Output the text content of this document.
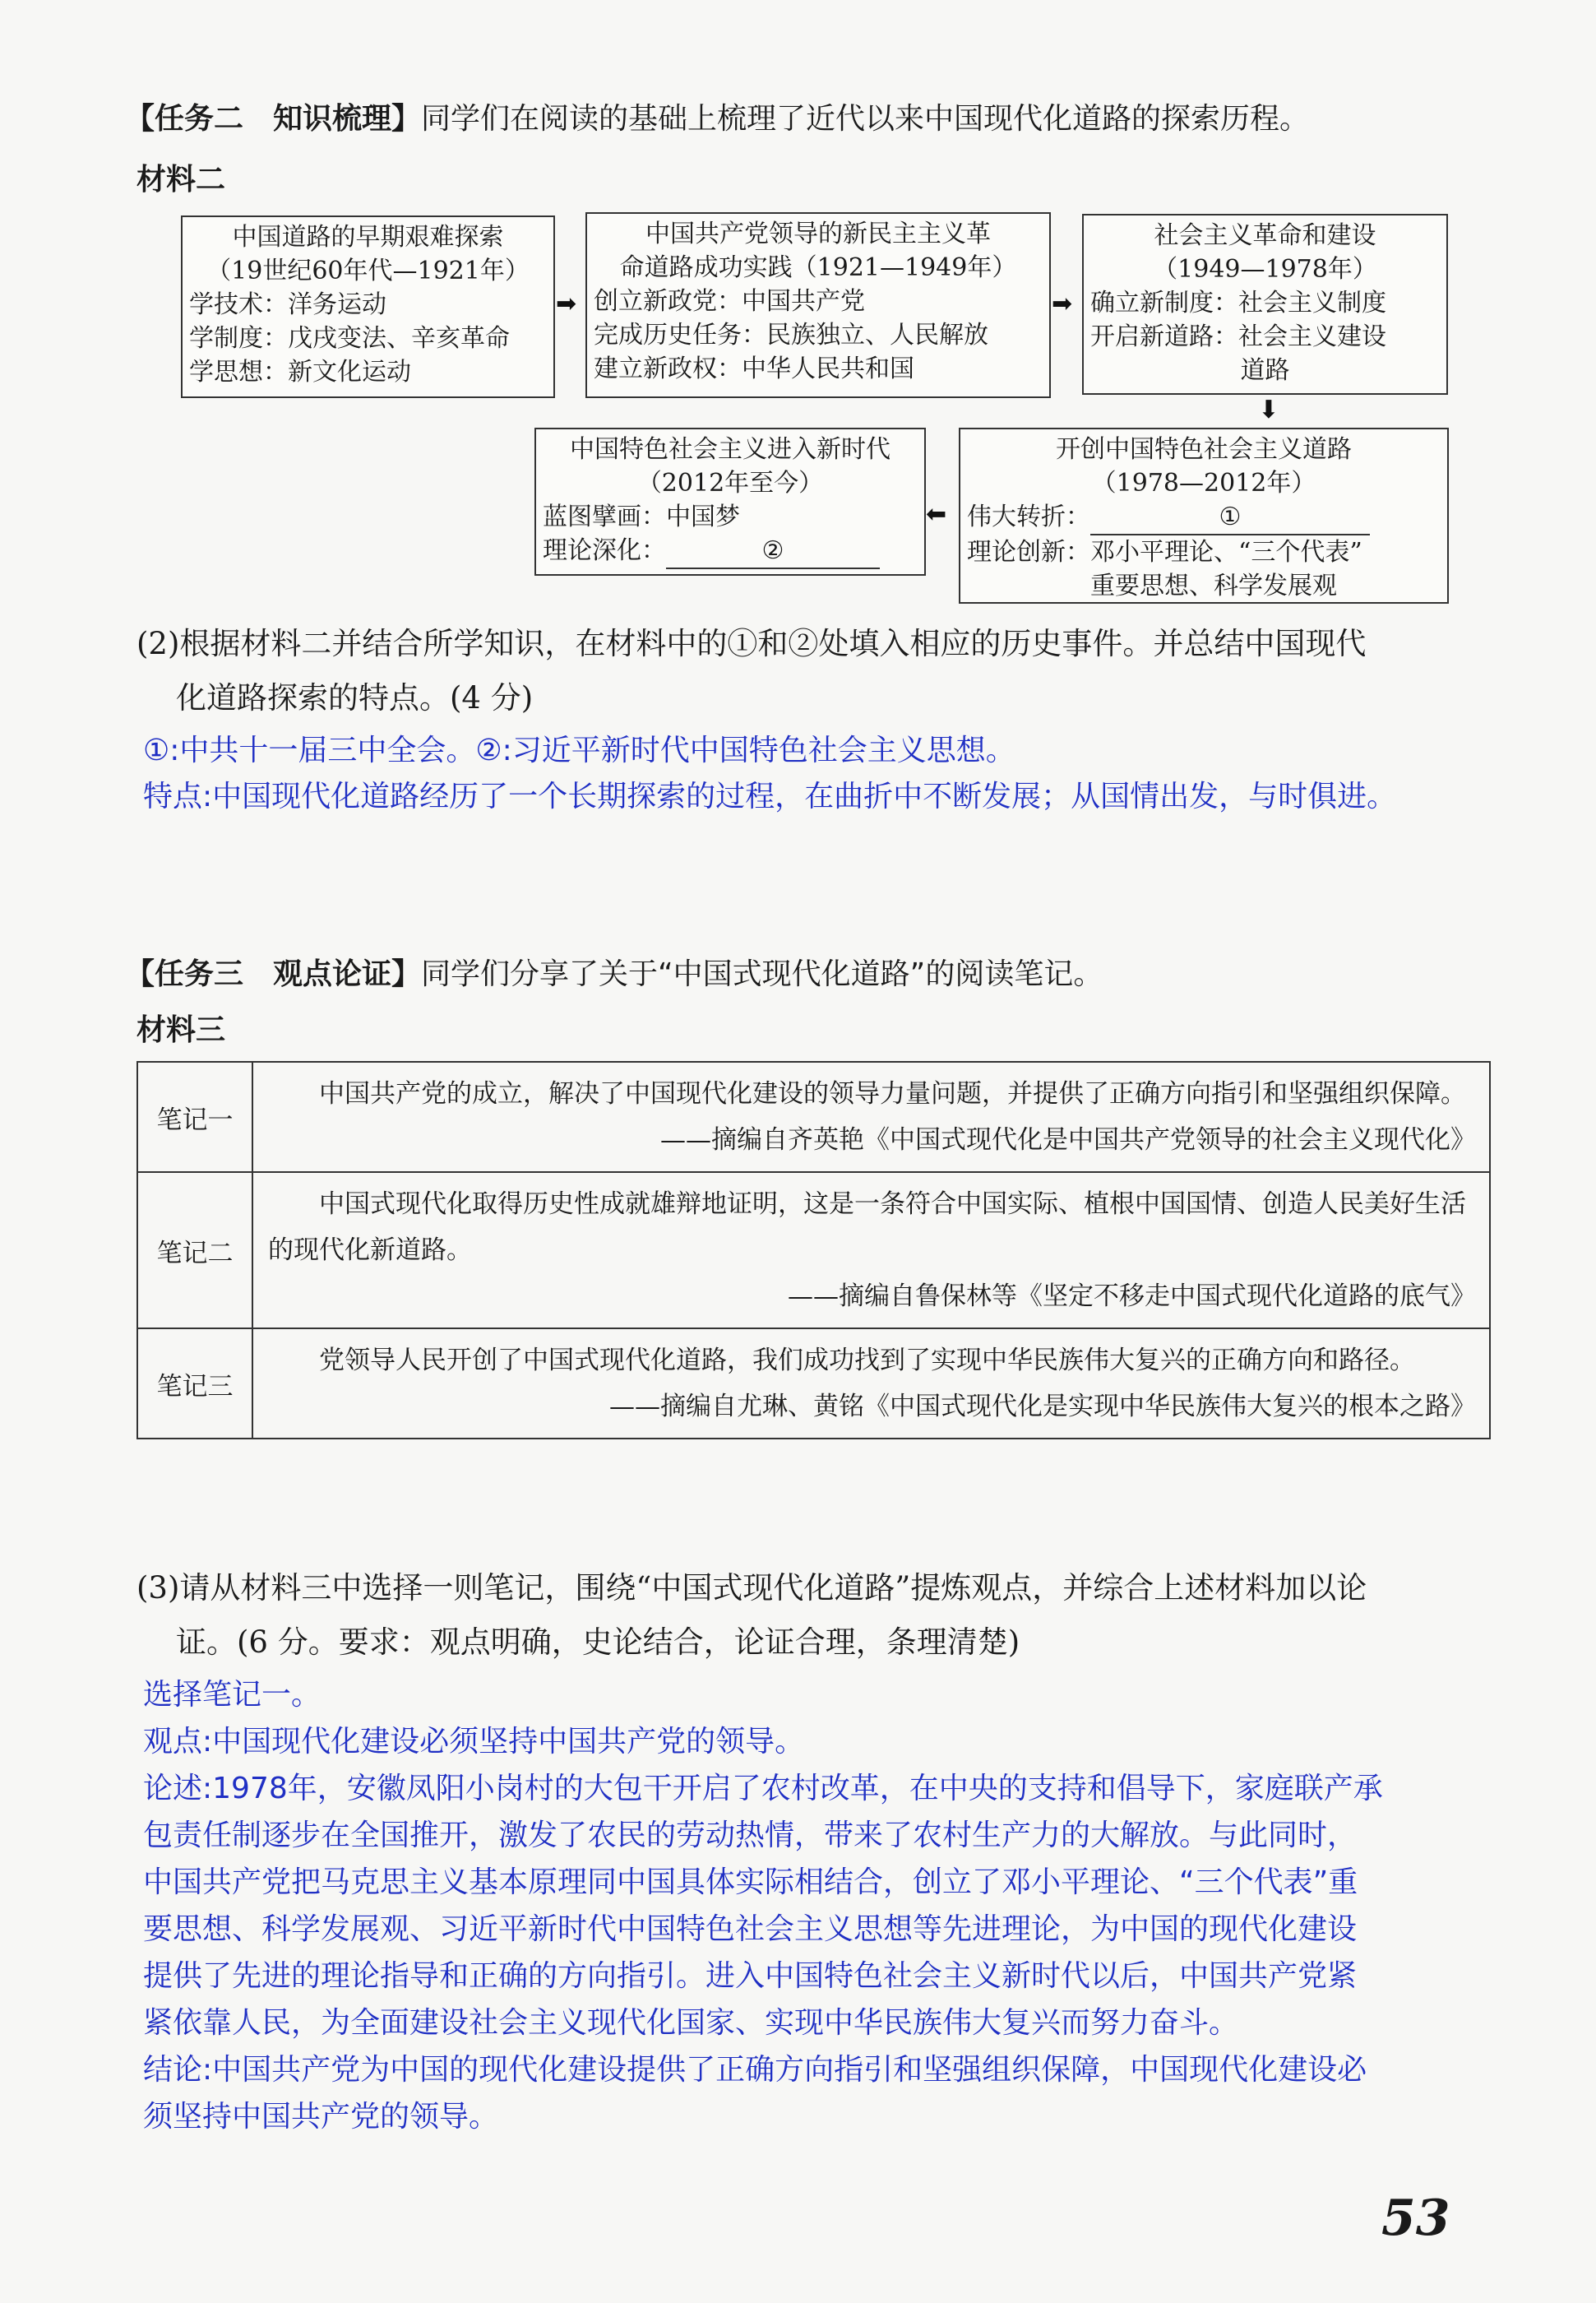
【任务二　知识梳理】同学们在阅读的基础上梳理了近代以来中国现代化道路的探索历程。
材料二
中国道路的早期艰难探索
（19世纪60年代—1921年）
学技术：洋务运动
学制度：戊戌变法、辛亥革命
学思想：新文化运动
➡
中国共产党领导的新民主主义革
命道路成功实践（1921—1949年）
创立新政党：中国共产党
完成历史任务：民族独立、人民解放
建立新政权：中华人民共和国
➡
社会主义革命和建设
（1949—1978年）
确立新制度：社会主义制度
开启新道路：社会主义建设
道路
➡
开创中国特色社会主义道路
（1978—2012年）
伟大转折：	①
理论创新：邓小平理论、“三个代表”
重要思想、科学发展观
➡
中国特色社会主义进入新时代
（2012年至今）
蓝图擘画：中国梦
理论深化：	②
(2)根据材料二并结合所学知识，在材料中的①和②处填入相应的历史事件。并总结中国现代
化道路探索的特点。(4 分)
①:中共十一届三中全会。②:习近平新时代中国特色社会主义思想。
特点:中国现代化道路经历了一个长期探索的过程，在曲折中不断发展；从国情出发，与时俱进。
【任务三　观点论证】同学们分享了关于“中国式现代化道路”的阅读笔记。
材料三
笔记一	中国共产党的成立，解决了中国现代化建设的领导力量问题，并提供了正确方向指引和坚强组织保障。
——摘编自齐英艳《中国式现代化是中国共产党领导的社会主义现代化》

笔记二	中国式现代化取得历史性成就雄辩地证明，这是一条符合中国实际、植根中国国情、创造人民美好生活的现代化新道路。
——摘编自鲁保林等《坚定不移走中国式现代化道路的底气》

笔记三	党领导人民开创了中国式现代化道路，我们成功找到了实现中华民族伟大复兴的正确方向和路径。
——摘编自尤琳、黄铭《中国式现代化是实现中华民族伟大复兴的根本之路》
(3)请从材料三中选择一则笔记，围绕“中国式现代化道路”提炼观点，并综合上述材料加以论
证。(6 分。要求：观点明确，史论结合，论证合理，条理清楚)
选择笔记一。
观点:中国现代化建设必须坚持中国共产党的领导。
论述:1978年，安徽凤阳小岗村的大包干开启了农村改革，在中央的支持和倡导下，家庭联产承
包责任制逐步在全国推开，激发了农民的劳动热情，带来了农村生产力的大解放。与此同时，
中国共产党把马克思主义基本原理同中国具体实际相结合，创立了邓小平理论、“三个代表”重
要思想、科学发展观、习近平新时代中国特色社会主义思想等先进理论，为中国的现代化建设
提供了先进的理论指导和正确的方向指引。进入中国特色社会主义新时代以后，中国共产党紧
紧依靠人民，为全面建设社会主义现代化国家、实现中华民族伟大复兴而努力奋斗。
结论:中国共产党为中国的现代化建设提供了正确方向指引和坚强组织保障，中国现代化建设必
须坚持中国共产党的领导。
53
